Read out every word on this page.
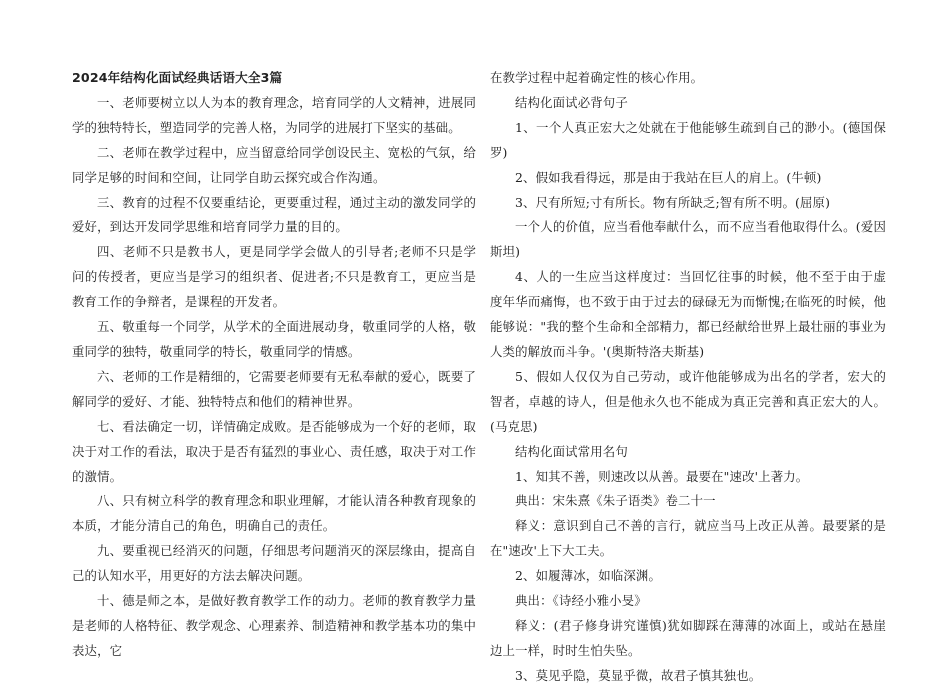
2024年结构化面试经典话语大全3篇

一、老师要树立以人为本的教育理念，培育同学的人文精神，进展同学的独特特长，塑造同学的完善人格，为同学的进展打下坚实的基础。

二、老师在教学过程中，应当留意给同学创设民主、宽松的气氛，给同学足够的时间和空间，让同学自助云探究或合作沟通。

三、教育的过程不仅要重结论，更要重过程，通过主动的激发同学的爱好，到达开发同学思维和培育同学力量的目的。

四、老师不只是教书人，更是同学学会做人的引导者;老师不只是学问的传授者，更应当是学习的组织者、促进者;不只是教育工，更应当是教育工作的争辩者，是课程的开发者。

五、敬重每一个同学，从学术的全面进展动身，敬重同学的人格，敬重同学的独特，敬重同学的特长，敬重同学的情感。

六、老师的工作是精细的，它需要老师要有无私奉献的爱心，既要了解同学的爱好、才能、独特特点和他们的精神世界。

七、看法确定一切，详情确定成败。是否能够成为一个好的老师，取决于对工作的看法，取决于是否有猛烈的事业心、责任感，取决于对工作的激情。

八、只有树立科学的教育理念和职业理解，才能认清各种教育现象的本质，才能分清自己的角色，明确自己的责任。

九、要重视已经消灭的问题，仔细思考问题消灭的深层缘由，提高自己的认知水平，用更好的方法去解决问题。

十、德是师之本，是做好教育教学工作的动力。老师的教育教学力量是老师的人格特征、教学观念、心理素养、制造精神和教学基本功的集中表达，它

在教学过程中起着确定性的核心作用。

结构化面试必背句子

1、一个人真正宏大之处就在于他能够生疏到自己的渺小。(德国保罗)

2、假如我看得远，那是由于我站在巨人的肩上。(牛顿)

3、尺有所短;寸有所长。物有所缺乏;智有所不明。(屈原)

一个人的价值，应当看他奉献什么，而不应当看他取得什么。(爱因斯坦)

4、人的一生应当这样度过：当回忆往事的时候，他不至于由于虚度年华而痛悔，也不致于由于过去的碌碌无为而惭愧;在临死的时候，他能够说："我的整个生命和全部精力，都已经献给世界上最壮丽的事业为人类的解放而斗争。'(奥斯特洛夫斯基)

5、假如人仅仅为自己劳动，或许他能够成为出名的学者，宏大的智者，卓越的诗人，但是他永久也不能成为真正完善和真正宏大的人。(马克思)

结构化面试常用名句

1、知其不善，则速改以从善。最要在"速改'上著力。

典出：宋朱熹《朱子语类》卷二十一

释义：意识到自己不善的言行，就应当马上改正从善。最要紧的是在"速改'上下大工夫。

2、如履薄冰，如临深渊。

典出：《诗经小雅小旻》

释义：(君子修身讲究谨慎)犹如脚踩在薄薄的冰面上，或站在悬崖边上一样，时时生怕失坠。

3、莫见乎隐，莫显乎微，故君子慎其独也。
